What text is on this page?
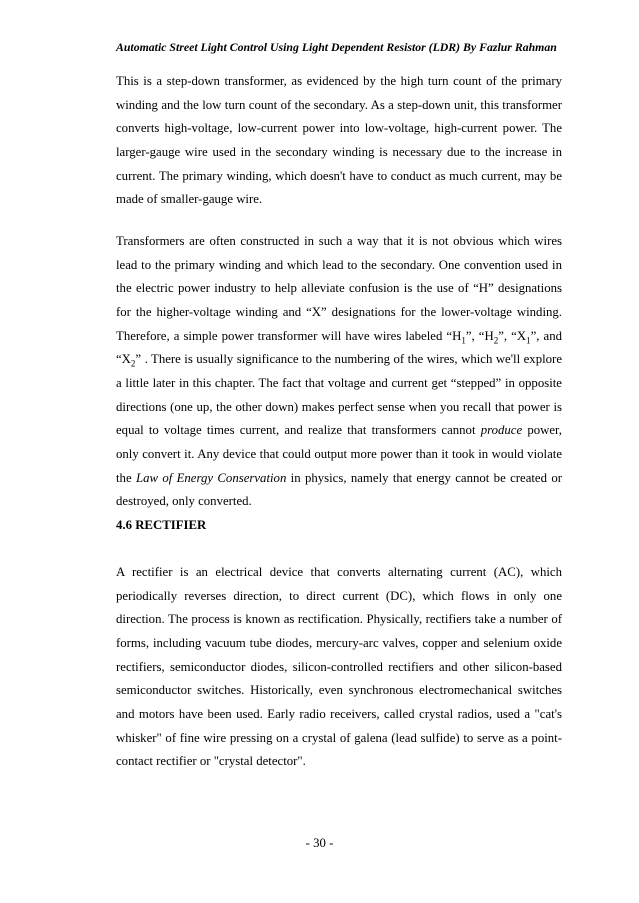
Automatic Street Light Control Using Light Dependent Resistor (LDR) By Fazlur Rahman

This is a step-down transformer, as evidenced by the high turn count of the primary winding and the low turn count of the secondary. As a step-down unit, this transformer converts high-voltage, low-current power into low-voltage, high-current power. The larger-gauge wire used in the secondary winding is necessary due to the increase in current. The primary winding, which doesn't have to conduct as much current, may be made of smaller-gauge wire.

Transformers are often constructed in such a way that it is not obvious which wires lead to the primary winding and which lead to the secondary. One convention used in the electric power industry to help alleviate confusion is the use of “H” designations for the higher-voltage winding and “X” designations for the lower-voltage winding. Therefore, a simple power transformer will have wires labeled “$H_1$”, “$H_2$”, “$X_1$”, and “$X_2$” . There is usually significance to the numbering of the wires, which we'll explore a little later in this chapter. The fact that voltage and current get “stepped” in opposite directions (one up, the other down) makes perfect sense when you recall that power is equal to voltage times current, and realize that transformers cannot produce power, only convert it. Any device that could output more power than it took in would violate the Law of Energy Conservation in physics, namely that energy cannot be created or destroyed, only converted.

4.6 RECTIFIER

A rectifier is an electrical device that converts alternating current (AC), which periodically reverses direction, to direct current (DC), which flows in only one direction. The process is known as rectification. Physically, rectifiers take a number of forms, including vacuum tube diodes, mercury-arc valves, copper and selenium oxide rectifiers, semiconductor diodes, silicon-controlled rectifiers and other silicon-based semiconductor switches. Historically, even synchronous electromechanical switches and motors have been used. Early radio receivers, called crystal radios, used a "cat's whisker" of fine wire pressing on a crystal of galena (lead sulfide) to serve as a point-contact rectifier or "crystal detector".

- 30 -
